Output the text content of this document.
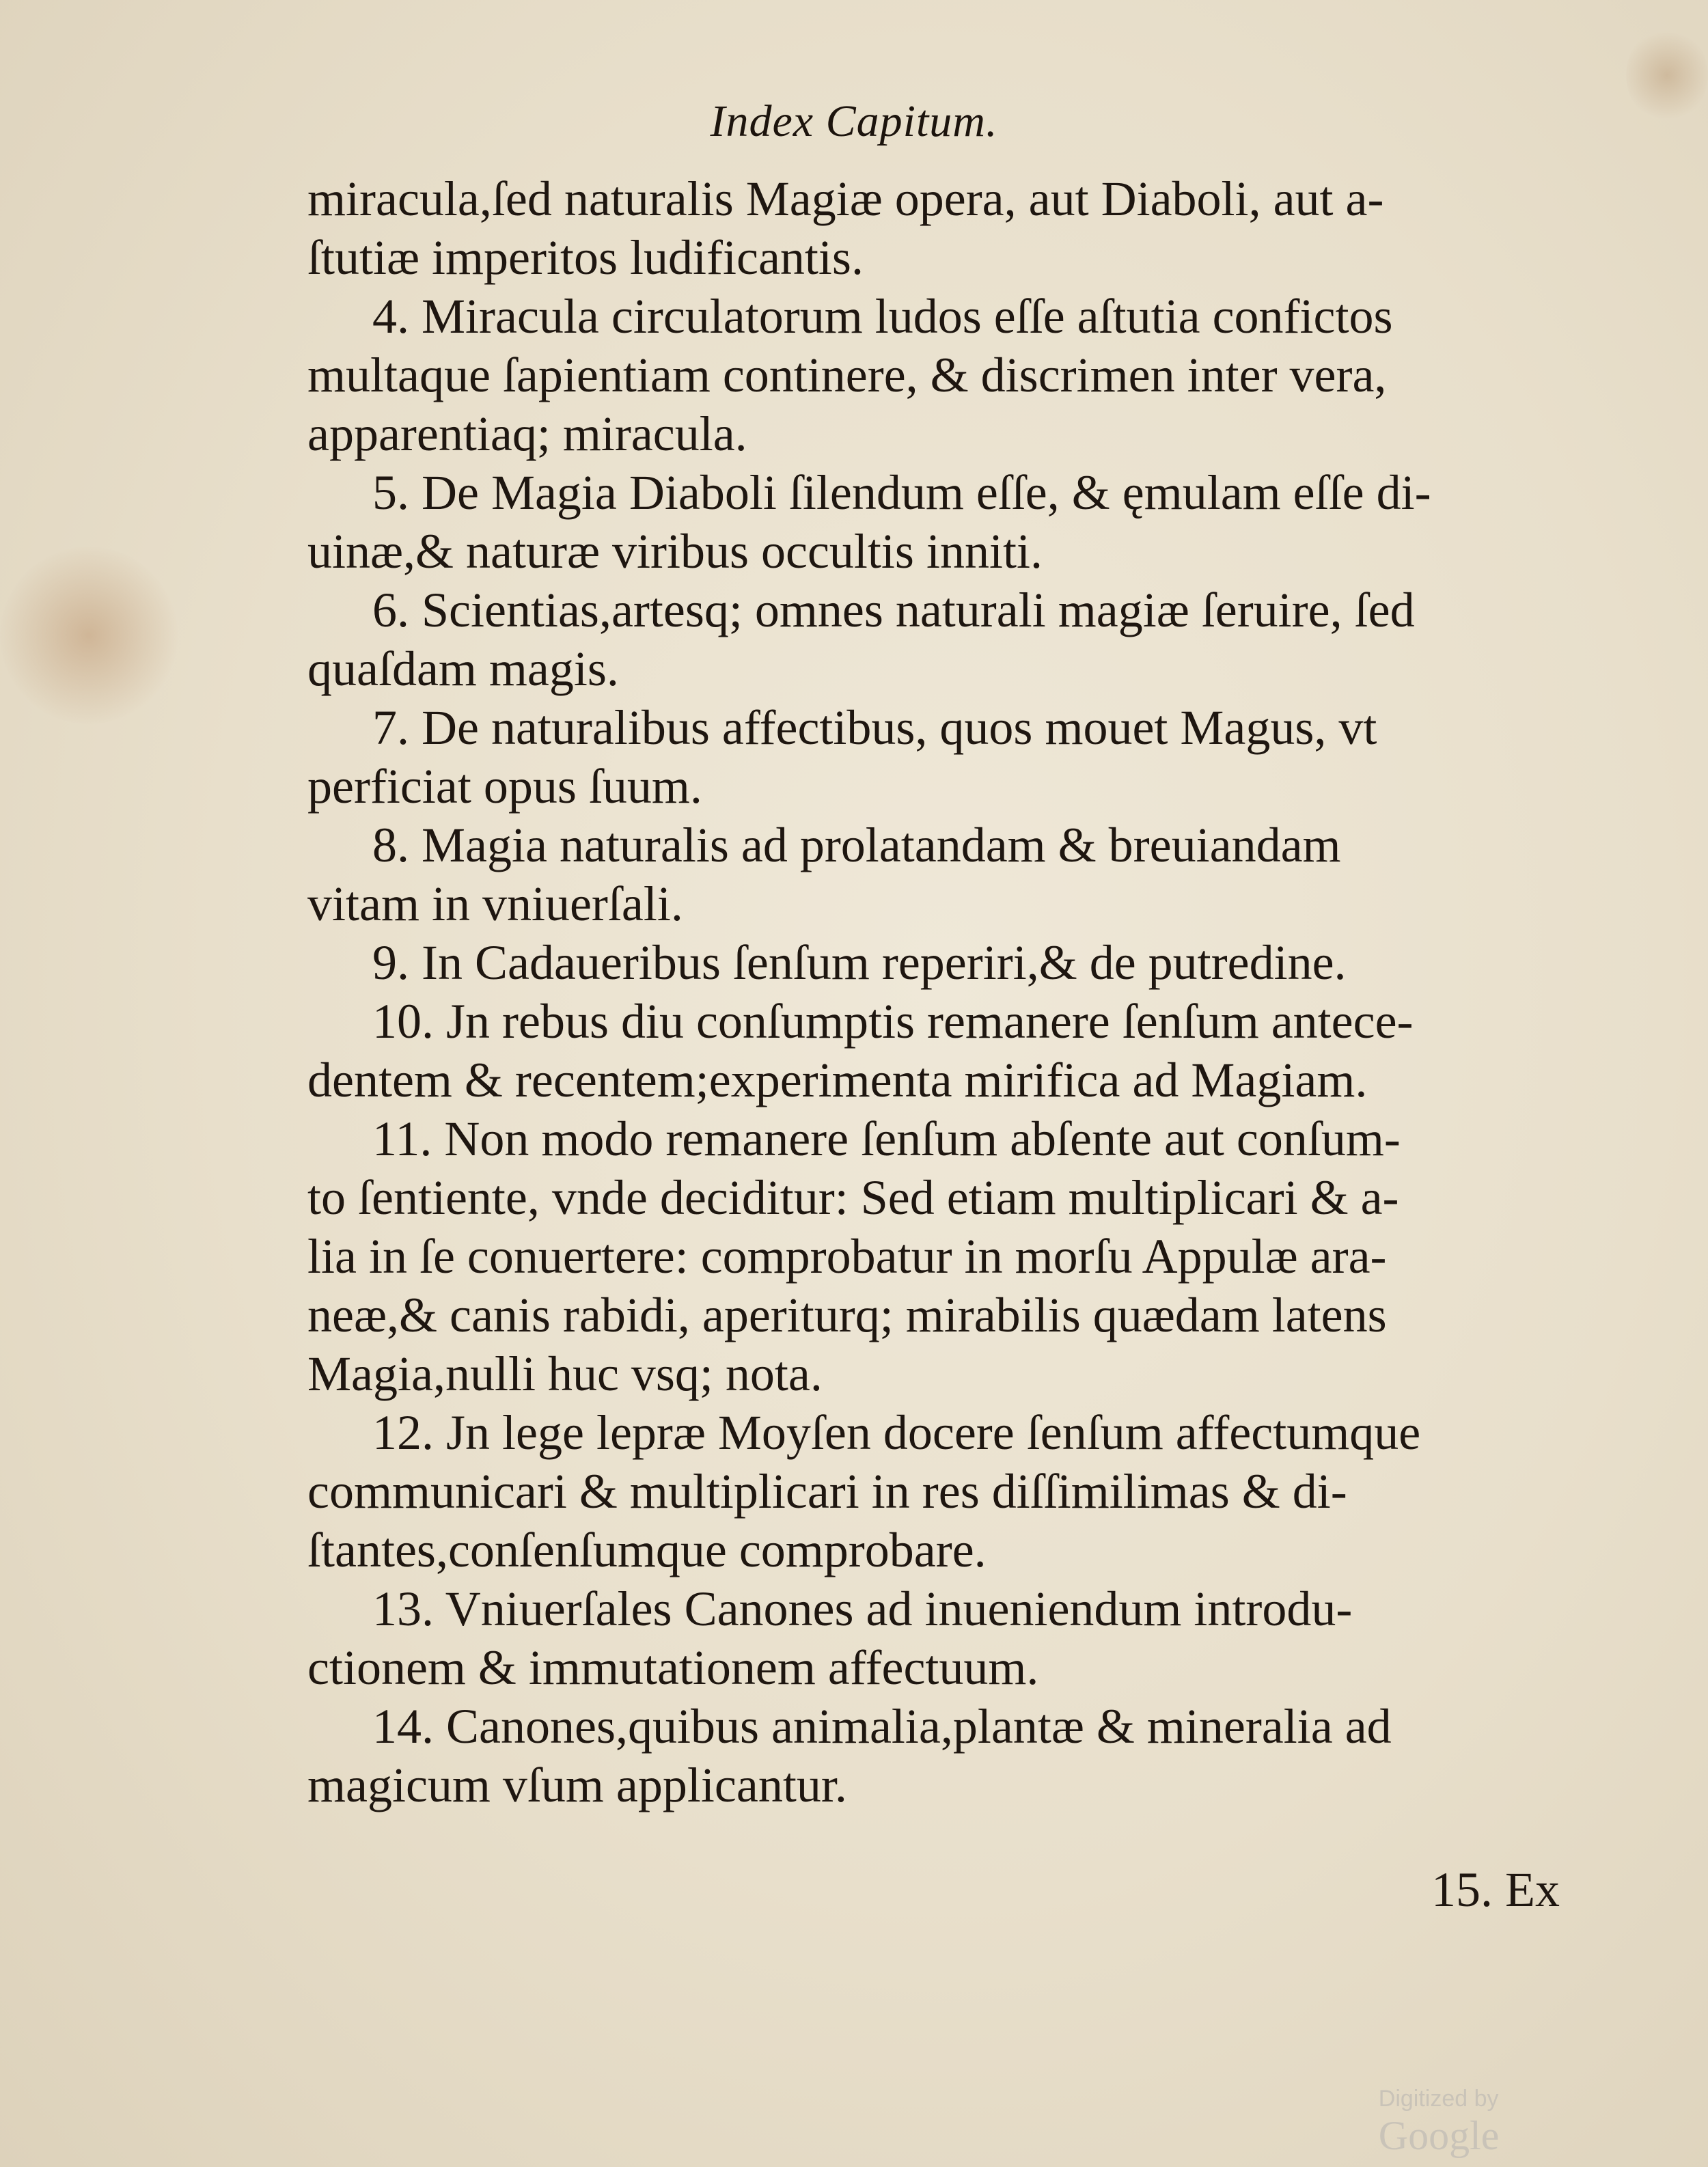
Index Capitum.
miracula,ſed naturalis Magiæ opera, aut Diaboli, aut a-
ſtutiæ imperitos ludificantis.
4. Miracula circulatorum ludos eſſe aſtutia confictos
multaque ſapientiam continere, & discrimen inter vera,
apparentiaq; miracula.
5. De Magia Diaboli ſilendum eſſe, & ęmulam eſſe di-
uinæ,& naturæ viribus occultis inniti.
6. Scientias,artesq; omnes naturali magiæ ſeruire, ſed
quaſdam magis.
7. De naturalibus affectibus, quos mouet Magus, vt
perficiat opus ſuum.
8. Magia naturalis ad prolatandam & breuiandam
vitam in vniuerſali.
9. In Cadaueribus ſenſum reperiri,& de putredine.
10. Jn rebus diu conſumptis remanere ſenſum antece-
dentem & recentem;experimenta mirifica ad Magiam.
11. Non modo remanere ſenſum abſente aut conſum-
to ſentiente, vnde deciditur: Sed etiam multiplicari & a-
lia in ſe conuertere: comprobatur in morſu Appulæ ara-
neæ,& canis rabidi, aperiturq; mirabilis quædam latens
Magia,nulli huc vsq; nota.
12. Jn lege lepræ Moyſen docere ſenſum affectumque
communicari & multiplicari in res diſſimilimas & di-
ſtantes,conſenſumque comprobare.
13. Vniuerſales Canones ad inueniendum introdu-
ctionem & immutationem affectuum.
14. Canones,quibus animalia,plantæ & mineralia ad
magicum vſum applicantur.
15. Ex

Digitized by
Google
